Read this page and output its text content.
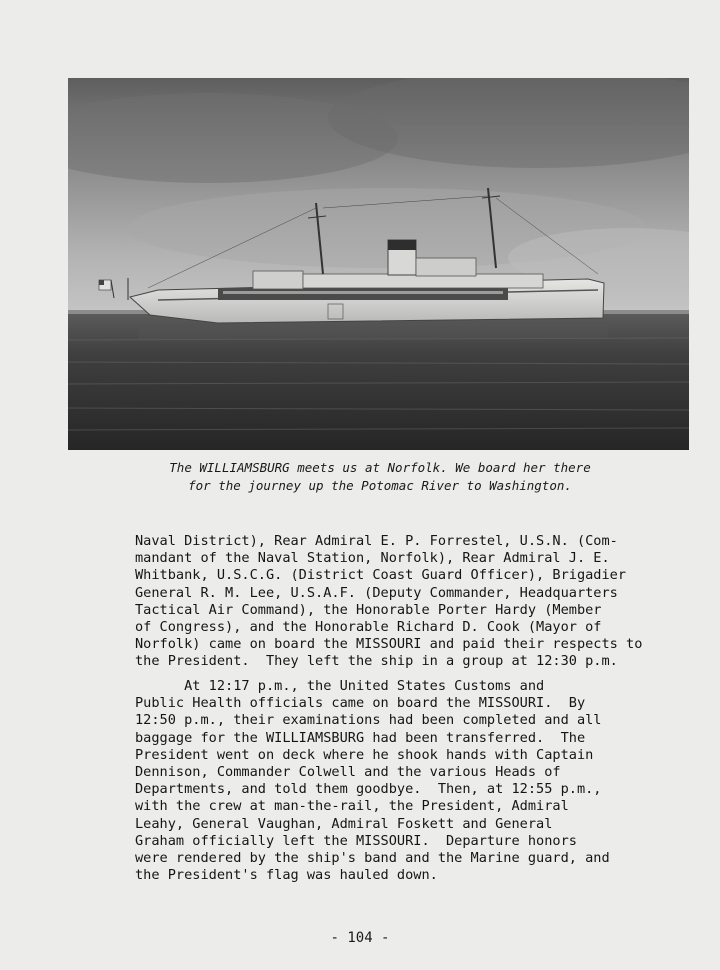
The WILLIAMSBURG meets us at Norfolk. We board her there
for the journey up the Potomac River to Washington.
Naval District), Rear Admiral E. P. Forrestel, U.S.N. (Com-
mandant of the Naval Station, Norfolk), Rear Admiral J. E.
Whitbank, U.S.C.G. (District Coast Guard Officer), Brigadier
General R. M. Lee, U.S.A.F. (Deputy Commander, Headquarters
Tactical Air Command), the Honorable Porter Hardy (Member
of Congress), and the Honorable Richard D. Cook (Mayor of
Norfolk) came on board the MISSOURI and paid their respects to
the President.  They left the ship in a group at 12:30 p.m.
At 12:17 p.m., the United States Customs and
Public Health officials came on board the MISSOURI.  By
12:50 p.m., their examinations had been completed and all
baggage for the WILLIAMSBURG had been transferred.  The
President went on deck where he shook hands with Captain
Dennison, Commander Colwell and the various Heads of
Departments, and told them goodbye.  Then, at 12:55 p.m.,
with the crew at man-the-rail, the President, Admiral
Leahy, General Vaughan, Admiral Foskett and General
Graham officially left the MISSOURI.  Departure honors
were rendered by the ship's band and the Marine guard, and
the President's flag was hauled down.
- 104 -
